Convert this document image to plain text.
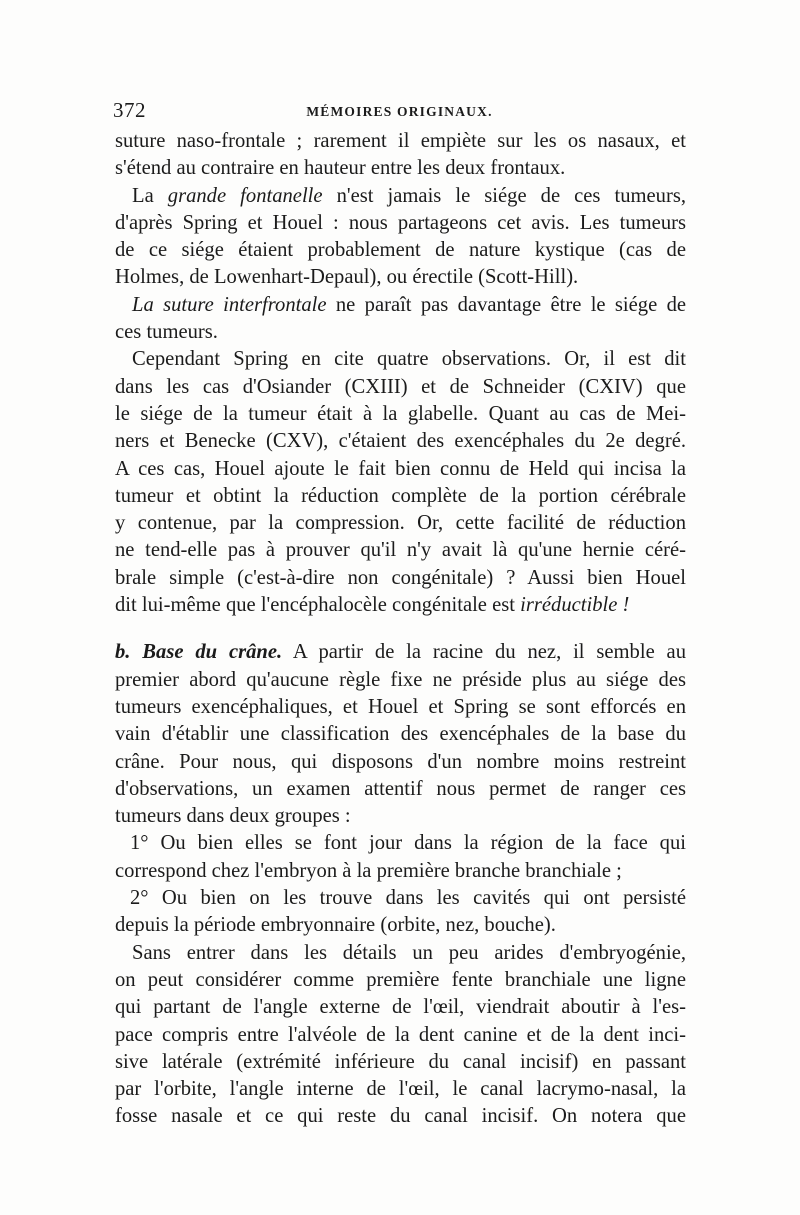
372	MÉMOIRES ORIGINAUX.
suture naso-frontale ; rarement il empiète sur les os nasaux, et
s'étend au contraire en hauteur entre les deux frontaux.
La grande fontanelle n'est jamais le siége de ces tumeurs,
d'après Spring et Houel : nous partageons cet avis. Les tumeurs
de ce siége étaient probablement de nature kystique (cas de
Holmes, de Lowenhart-Depaul), ou érectile (Scott-Hill).
La suture interfrontale ne paraît pas davantage être le siége de
ces tumeurs.
Cependant Spring en cite quatre observations. Or, il est dit
dans les cas d'Osiander (CXIII) et de Schneider (CXIV) que
le siége de la tumeur était à la glabelle. Quant au cas de Mei-
ners et Benecke (CXV), c'étaient des exencéphales du 2e degré.
A ces cas, Houel ajoute le fait bien connu de Held qui incisa la
tumeur et obtint la réduction complète de la portion cérébrale
y contenue, par la compression. Or, cette facilité de réduction
ne tend-elle pas à prouver qu'il n'y avait là qu'une hernie céré-
brale simple (c'est-à-dire non congénitale) ? Aussi bien Houel
dit lui-même que l'encéphalocèle congénitale est irréductible !
b. Base du crâne. A partir de la racine du nez, il semble au
premier abord qu'aucune règle fixe ne préside plus au siége des
tumeurs exencéphaliques, et Houel et Spring se sont efforcés en
vain d'établir une classification des exencéphales de la base du
crâne. Pour nous, qui disposons d'un nombre moins restreint
d'observations, un examen attentif nous permet de ranger ces
tumeurs dans deux groupes :
1° Ou bien elles se font jour dans la région de la face qui
correspond chez l'embryon à la première branche branchiale ;
2° Ou bien on les trouve dans les cavités qui ont persisté
depuis la période embryonnaire (orbite, nez, bouche).
Sans entrer dans les détails un peu arides d'embryogénie,
on peut considérer comme première fente branchiale une ligne
qui partant de l'angle externe de l'œil, viendrait aboutir à l'es-
pace compris entre l'alvéole de la dent canine et de la dent inci-
sive latérale (extrémité inférieure du canal incisif) en passant
par l'orbite, l'angle interne de l'œil, le canal lacrymo-nasal, la
fosse nasale et ce qui reste du canal incisif. On notera que
